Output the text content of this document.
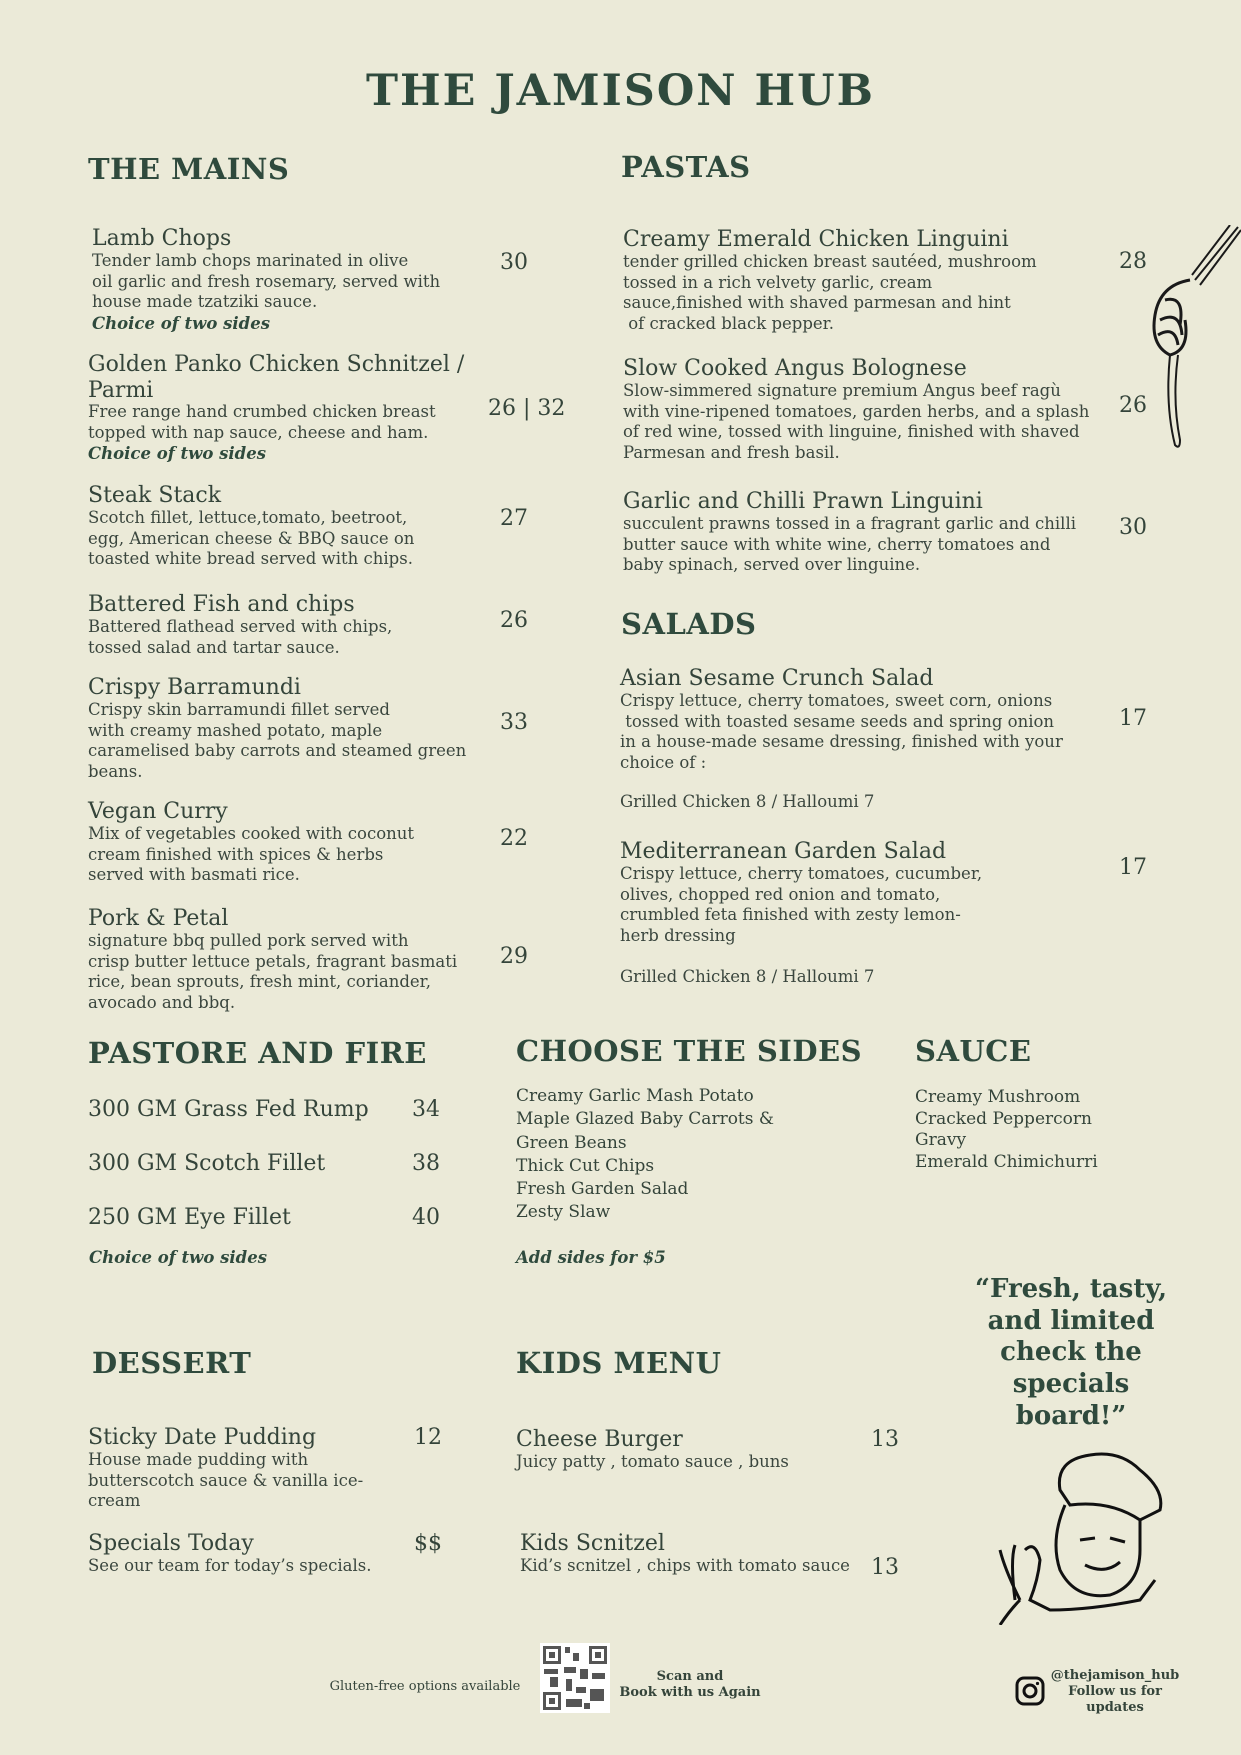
THE JAMISON HUB
THE MAINS	PASTAS
SALADS
PASTORE AND FIRE
Choice of two sides
CHOOSE THE SIDES
Creamy Garlic Mash Potato
Maple Glazed Baby Carrots &
Green Beans
Thick Cut Chips
Fresh Garden Salad
Zesty Slaw
Add sides for $5
SAUCE
Creamy Mushroom
Cracked Peppercorn
Gravy
Emerald Chimichurri
“Fresh, tasty,
and limited
check the
specials
board!”
DESSERT	KIDS MENU
Gluten-free options available
Scan and
Book with us Again
@thejamison_hub
Follow us for
updates
Lamb Chops
Tender lamb chops marinated in olive
oil garlic and fresh rosemary, served with
house made tzatziki sauce.
Choice of two sides
30
Golden Panko Chicken Schnitzel /
Parmi
Free range hand crumbed chicken breast
topped with nap sauce, cheese and ham.
Choice of two sides
26 | 32
Steak Stack
Scotch fillet, lettuce,tomato, beetroot,
egg, American cheese & BBQ sauce on
toasted white bread served with chips.
27
Battered Fish and chips
Battered flathead served with chips,
tossed salad and tartar sauce.
26
Crispy Barramundi
Crispy skin barramundi fillet served
with creamy mashed potato, maple
caramelised baby carrots and steamed green
beans.
33
Vegan Curry
Mix of vegetables cooked with coconut
cream finished with spices & herbs
served with basmati rice.
22
Pork & Petal
signature bbq pulled pork served with
crisp butter lettuce petals, fragrant basmati
rice, bean sprouts, fresh mint, coriander,
avocado and bbq.
29
Creamy Emerald Chicken Linguini
tender grilled chicken breast sautéed, mushroom
tossed in a rich velvety garlic, cream
sauce,finished with shaved parmesan and hint
of cracked black pepper.
28
Slow Cooked Angus Bolognese
Slow-simmered signature premium Angus beef ragù
with vine-ripened tomatoes, garden herbs, and a splash
of red wine, tossed with linguine, finished with shaved
Parmesan and fresh basil.
26
Garlic and Chilli Prawn Linguini
succulent prawns tossed in a fragrant garlic and chilli
butter sauce with white wine, cherry tomatoes and
baby spinach, served over linguine.
30
Asian Sesame Crunch Salad
Crispy lettuce, cherry tomatoes, sweet corn, onions
tossed with toasted sesame seeds and spring onion
in a house-made sesame dressing, finished with your
choice of :
17
Grilled Chicken 8 / Halloumi 7
Mediterranean Garden Salad
Crispy lettuce, cherry tomatoes, cucumber,
olives, chopped red onion and tomato,
crumbled feta finished with zesty lemon-
herb dressing
17
Grilled Chicken 8 / Halloumi 7
300 GM Grass Fed Rump 34
300 GM Scotch Fillet	38
250 GM Eye Fillet	40
Sticky Date Pudding
House made pudding with
butterscotch sauce & vanilla ice-
cream
12
Specials Today
See our team for today’s specials.
$$
Cheese Burger
Juicy patty , tomato sauce , buns
13
Kids Scnitzel
Kid’s scnitzel , chips with tomato sauce 13
